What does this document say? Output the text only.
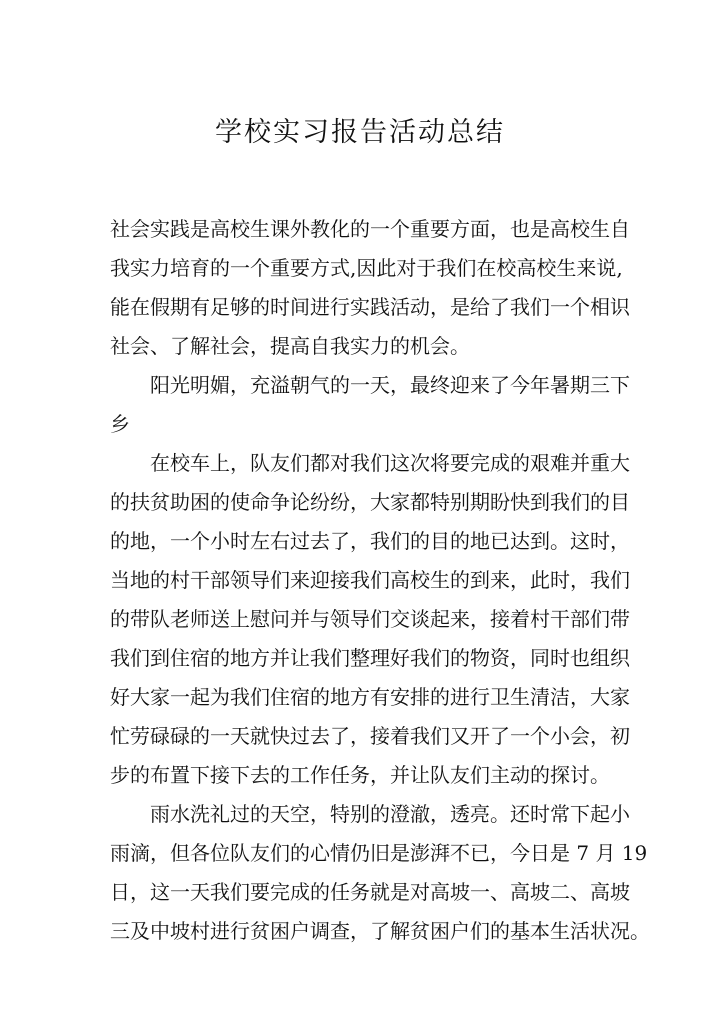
学校实习报告活动总结
社会实践是高校生课外教化的一个重要方面，也是高校生自
我实力培育的一个重要方式,因此对于我们在校高校生来说,
能在假期有足够的时间进行实践活动，是给了我们一个相识
社会、了解社会，提高自我实力的机会。
阳光明媚，充溢朝气的一天，最终迎来了今年暑期三下
乡
在校车上，队友们都对我们这次将要完成的艰难并重大
的扶贫助困的使命争论纷纷，大家都特别期盼快到我们的目
的地，一个小时左右过去了，我们的目的地已达到。这时，
当地的村干部领导们来迎接我们高校生的到来，此时，我们
的带队老师送上慰问并与领导们交谈起来，接着村干部们带
我们到住宿的地方并让我们整理好我们的物资，同时也组织
好大家一起为我们住宿的地方有安排的进行卫生清洁，大家
忙劳碌碌的一天就快过去了，接着我们又开了一个小会，初
步的布置下接下去的工作任务，并让队友们主动的探讨。
雨水洗礼过的天空，特别的澄澈，透亮。还时常下起小
雨滴，但各位队友们的心情仍旧是澎湃不已，今日是 7 月 19
日，这一天我们要完成的任务就是对高坡一、高坡二、高坡
三及中坡村进行贫困户调查，了解贫困户们的基本生活状况。
